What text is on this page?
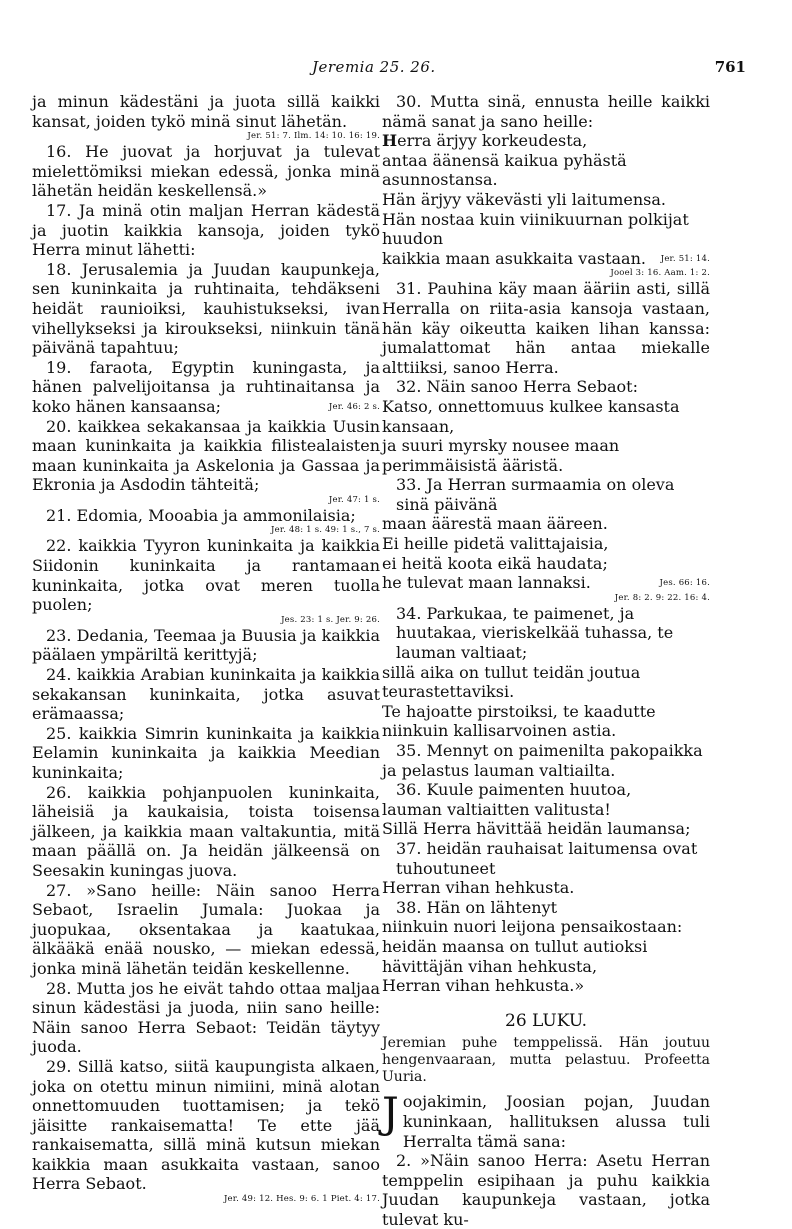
Jeremia 25. 26.	761

ja minun kädestäni ja juota sillä kaikki kansat, joiden tykö minä sinut lähetän.

Jer. 51: 7. Ilm. 14: 10. 16: 19.

16. He juovat ja horjuvat ja tulevat mielettömiksi miekan edessä, jonka minä lähetän heidän keskellensä.»

17. Ja minä otin maljan Herran kädestä ja juotin kaikkia kansoja, joiden tykö Herra minut lähetti:

18. Jerusalemia ja Juudan kaupunkeja, sen kuninkaita ja ruhtinaita, tehdäkseni heidät raunioiksi, kauhistukseksi, ivan vihellykseksi ja kiroukseksi, niinkuin tänä päivänä tapahtuu;

19. faraota, Egyptin kuningasta, ja hänen palvelijoitansa ja ruhtinaitansa ja koko hänen kansaansa;	Jer. 46: 2 s.

20. kaikkea sekakansaa ja kaikkia Uusin maan kuninkaita ja kaikkia filistealaisten maan kuninkaita ja Askelonia ja Gassaa ja Ekronia ja Asdodin tähteitä;

Jer. 47: 1 s.

21. Edomia, Mooabia ja ammonilaisia;

Jer. 48: 1 s. 49: 1 s., 7 s.

22. kaikkia Tyyron kuninkaita ja kaikkia Siidonin kuninkaita ja rantamaan kuninkaita, jotka ovat meren tuolla puolen;

Jes. 23: 1 s. Jer. 9: 26.

23. Dedania, Teemaa ja Buusia ja kaikkia päälaen ympäriltä kerittyjä;

24. kaikkia Arabian kuninkaita ja kaikkia sekakansan kuninkaita, jotka asuvat erämaassa;

25. kaikkia Simrin kuninkaita ja kaikkia Eelamin kuninkaita ja kaikkia Meedian kuninkaita;

26. kaikkia pohjanpuolen kuninkaita, läheisiä ja kaukaisia, toista toisensa jälkeen, ja kaikkia maan valtakuntia, mitä maan päällä on. Ja heidän jälkeensä on Seesakin kuningas juova.

27. »Sano heille: Näin sanoo Herra Sebaot, Israelin Jumala: Juokaa ja juopukaa, oksentakaa ja kaatukaa, älkääkä enää nousko, — miekan edessä, jonka minä lähetän teidän keskellenne.

28. Mutta jos he eivät tahdo ottaa maljaa sinun kädestäsi ja juoda, niin sano heille: Näin sanoo Herra Sebaot: Teidän täytyy juoda.

29. Sillä katso, siitä kaupungista alkaen, joka on otettu minun nimiini, minä alotan onnettomuuden tuottamisen; ja tekö jäisitte rankaisematta! Te ette jää rankaisematta, sillä minä kutsun miekan kaikkia maan asukkaita vastaan, sanoo Herra Sebaot.

Jer. 49: 12. Hes. 9: 6. 1 Piet. 4: 17.

30. Mutta sinä, ennusta heille kaikki nämä sanat ja sano heille:

Herra ärjyy korkeudesta,

antaa äänensä kaikua pyhästä asunnostansa.

Hän ärjyy väkevästi yli laitumensa.

Hän nostaa kuin viinikuurnan polkijat huudon

kaikkia maan asukkaita vastaan. Jer. 51: 14.

Jooel 3: 16. Aam. 1: 2.

31. Pauhina käy maan ääriin asti, sillä Herralla on riita-asia kansoja vastaan, hän käy oikeutta kaiken lihan kanssa: jumalattomat hän antaa miekalle alttiiksi, sanoo Herra.

32. Näin sanoo Herra Sebaot:

Katso, onnettomuus kulkee kansasta kansaan,

ja suuri myrsky nousee maan perimmäisistä ääristä.

33. Ja Herran surmaamia on oleva sinä päivänä

maan äärestä maan ääreen.

Ei heille pidetä valittajaisia,

ei heitä koota eikä haudata;

he tulevat maan lannaksi.	Jes. 66: 16.

Jer. 8: 2. 9: 22. 16: 4.

34. Parkukaa, te paimenet, ja huutakaa, vieriskelkää tuhassa, te lauman valtiaat;

sillä aika on tullut teidän joutua teurastettaviksi.

Te hajoatte pirstoiksi, te kaadutte niinkuin kallisarvoinen astia.

35. Mennyt on paimenilta pakopaikka

ja pelastus lauman valtiailta.

36. Kuule paimenten huutoa,

lauman valtiaitten valitusta!

Sillä Herra hävittää heidän laumansa;

37. heidän rauhaisat laitumensa ovat tuhoutuneet

Herran vihan hehkusta.

38. Hän on lähtenyt

niinkuin nuori leijona pensaikostaan:

heidän maansa on tullut autioksi

hävittäjän vihan hehkusta,

Herran vihan hehkusta.»

26 LUKU.

Jeremian puhe temppelissä. Hän joutuu hengenvaaraan, mutta pelastuu. Profeetta Uuria.

Joojakimin, Joosian pojan, Juudan kuninkaan, hallituksen alussa tuli Herralta tämä sana:

2. »Näin sanoo Herra: Asetu Herran temppelin esipihaan ja puhu kaikkia Juudan kaupunkeja vastaan, jotka tulevat ku-
